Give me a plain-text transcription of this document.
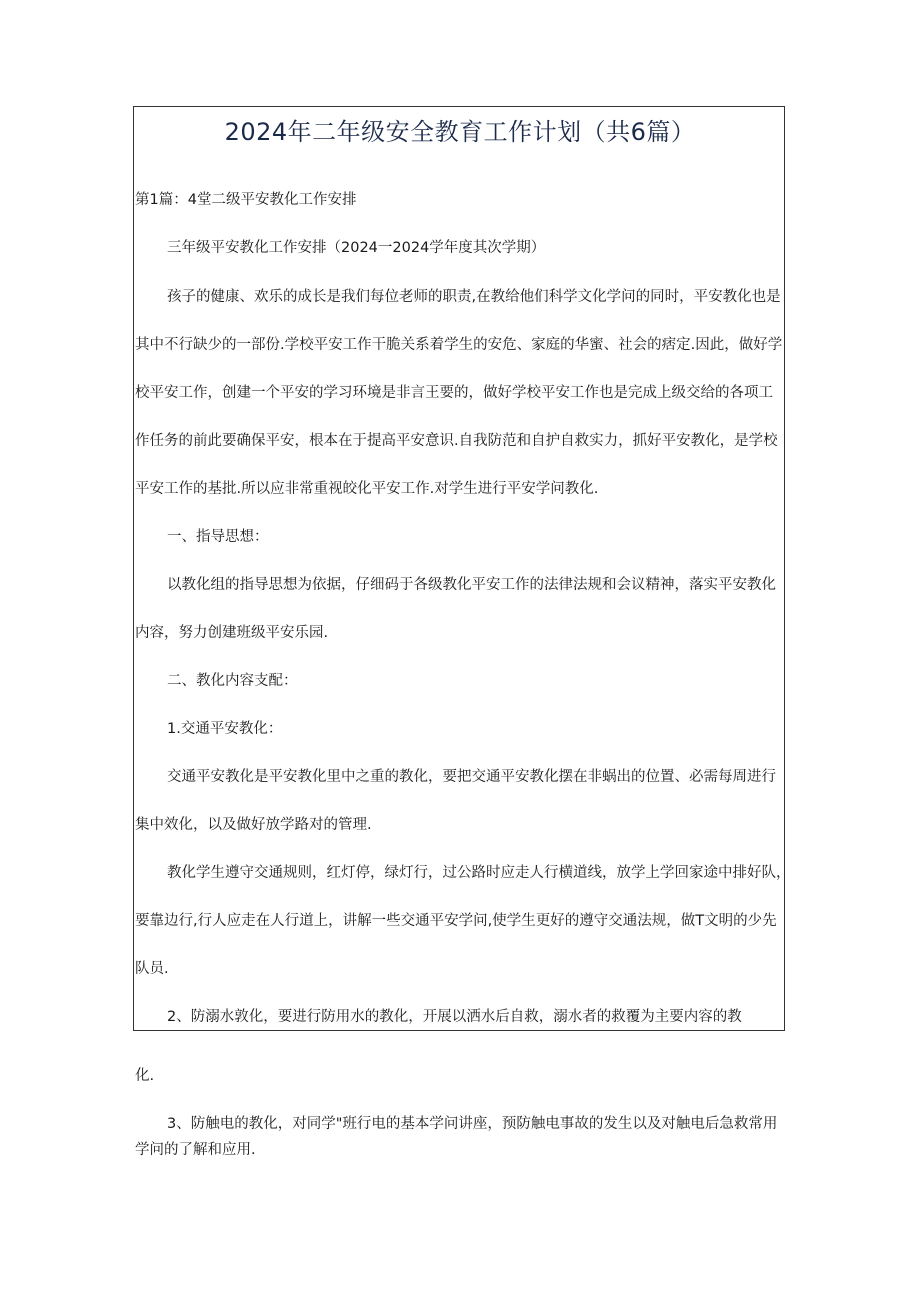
2024年二年级安全教育工作计划（共6篇）
第1篇：4堂二级平安教化工作安排
三年级平安教化工作安排（2024一2024学年度其次学期）
孩子的健康、欢乐的成长是我们每位老师的职责,在教给他们科学文化学问的同时，平安教化也是
其中不行缺少的一部份.学校平安工作干脆关系着学生的安危、家庭的华蜜、社会的痞定.因此，做好学
校平安工作，创建一个平安的学习环境是非言王要的，做好学校平安工作也是完成上级交给的各项工
作任务的前此要确保平安，根本在于提高平安意识.自我防范和自护自救实力，抓好平安教化，是学校
平安工作的基批.所以应非常重视皎化平安工作.对学生进行平安学问教化.
一、指导思想：
以教化组的指导思想为依据，仔细码于各级教化平安工作的法律法规和会议精神，落实平安教化
内容，努力创建班级平安乐园.
二、教化内容支配：
1.交通平安教化：
交通平安教化是平安教化里中之重的教化，要把交通平安教化摆在非蜗出的位置、必需每周进行
集中效化，以及做好放学路对的管理.
教化学生遵守交通规则，红灯停，绿灯行，过公路时应走人行横道线，放学上学回家途中排好队，
要靠边行,行人应走在人行道上，讲解一些交通平安学问,使学生更好的遵守交通法规，做T文明的少先
队员.
2、防溺水敦化，要进行防用水的教化，开展以洒水后自救，溺水者的救覆为主要内容的教
化.
3、防触电的教化，对同学"班行电的基本学问讲座，预防触电事故的发生以及对触电后急救常用
学问的了解和应用.
